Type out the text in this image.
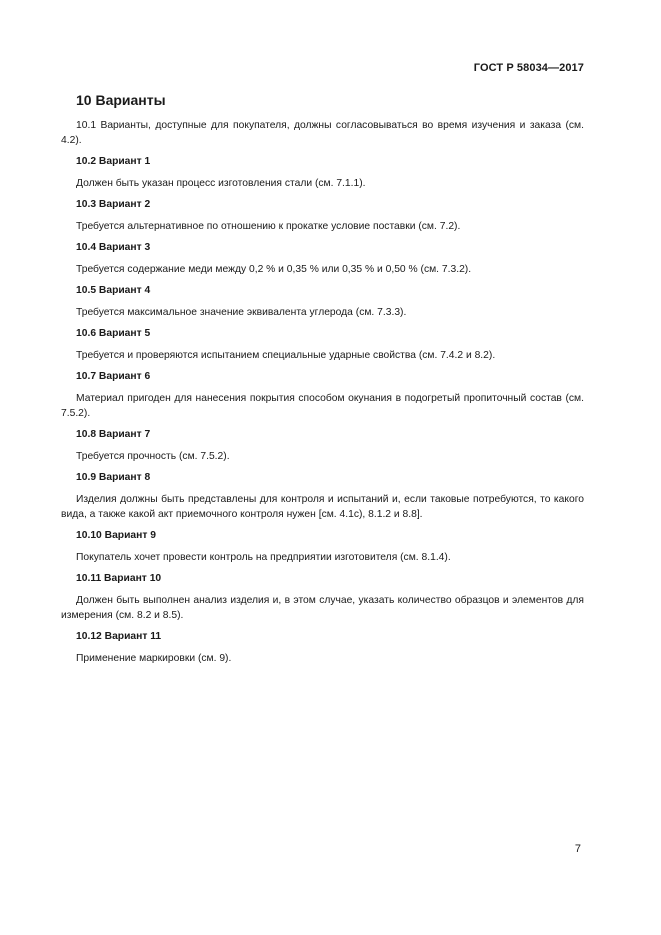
ГОСТ Р 58034—2017
10 Варианты

10.1 Варианты, доступные для покупателя, должны согласовываться во время изучения и заказа (см. 4.2).

10.2 Вариант 1

Должен быть указан процесс изготовления стали (см. 7.1.1).

10.3 Вариант 2

Требуется альтернативное по отношению к прокатке условие поставки (см. 7.2).

10.4 Вариант 3

Требуется содержание меди между 0,2 % и 0,35 % или 0,35 % и 0,50 % (см. 7.3.2).

10.5 Вариант 4

Требуется максимальное значение эквивалента углерода (см. 7.3.3).

10.6 Вариант 5

Требуется и проверяются испытанием специальные ударные свойства (см. 7.4.2 и 8.2).

10.7 Вариант 6

Материал пригоден для нанесения покрытия способом окунания в подогретый пропиточный состав (см. 7.5.2).

10.8 Вариант 7

Требуется прочность (см. 7.5.2).

10.9 Вариант 8

Изделия должны быть представлены для контроля и испытаний и, если таковые потребуются, то какого вида, а также какой акт приемочного контроля нужен [см. 4.1c), 8.1.2 и 8.8].

10.10 Вариант 9

Покупатель хочет провести контроль на предприятии изготовителя (см. 8.1.4).

10.11 Вариант 10

Должен быть выполнен анализ изделия и, в этом случае, указать количество образцов и элементов для измерения (см. 8.2 и 8.5).

10.12 Вариант 11

Применение маркировки (см. 9).

7
